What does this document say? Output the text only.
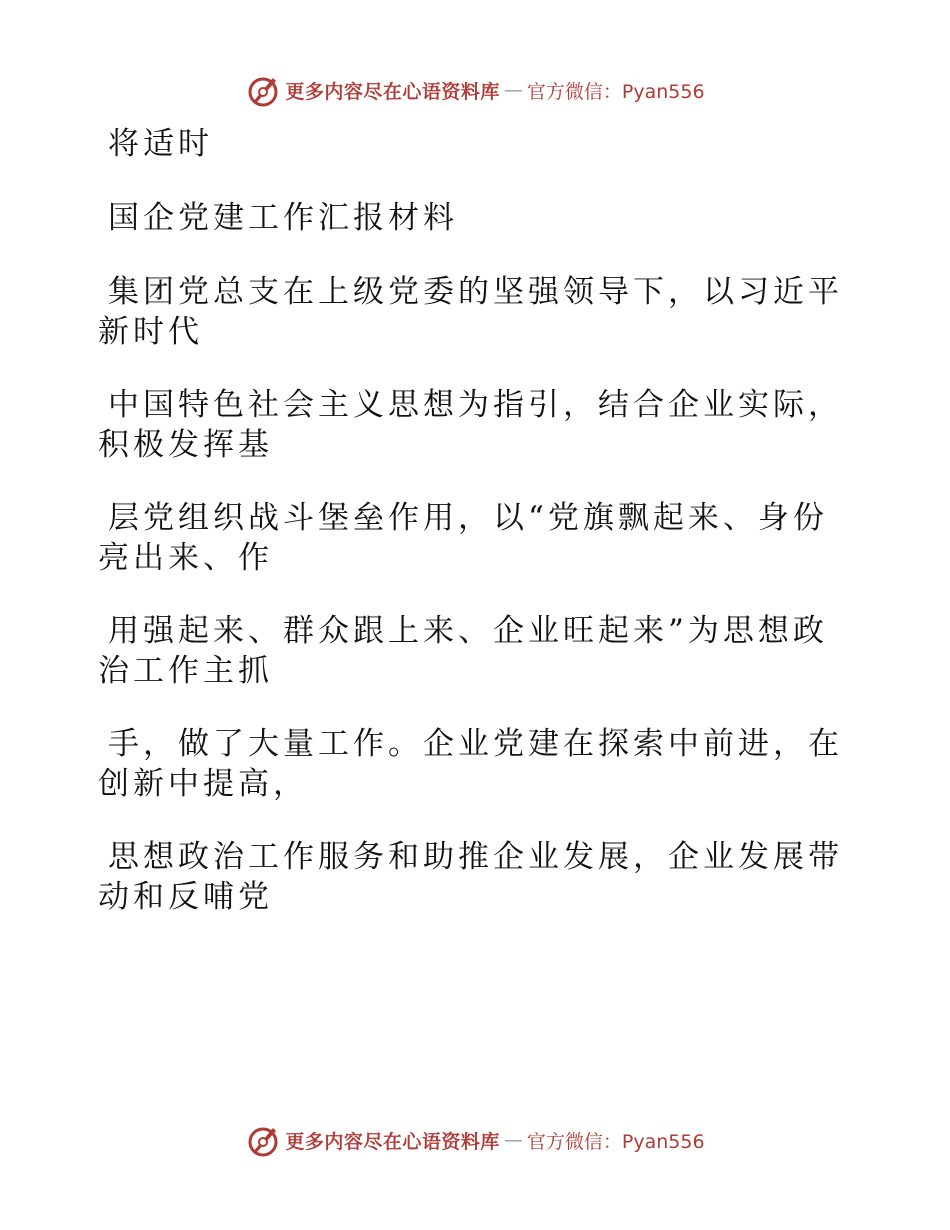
更多内容尽在心语资料库 — 官方微信：Pyan556

将适时

国企党建工作汇报材料

集团党总支在上级党委的坚强领导下，以习近平

新时代

中国特色社会主义思想为指引，结合企业实际，

积极发挥基

层党组织战斗堡垒作用，以“党旗飘起来、身份

亮出来、作

用强起来、群众跟上来、企业旺起来”为思想政

治工作主抓

手，做了大量工作。企业党建在探索中前进，在

创新中提高，

思想政治工作服务和助推企业发展，企业发展带

动和反哺党

更多内容尽在心语资料库 — 官方微信：Pyan556
